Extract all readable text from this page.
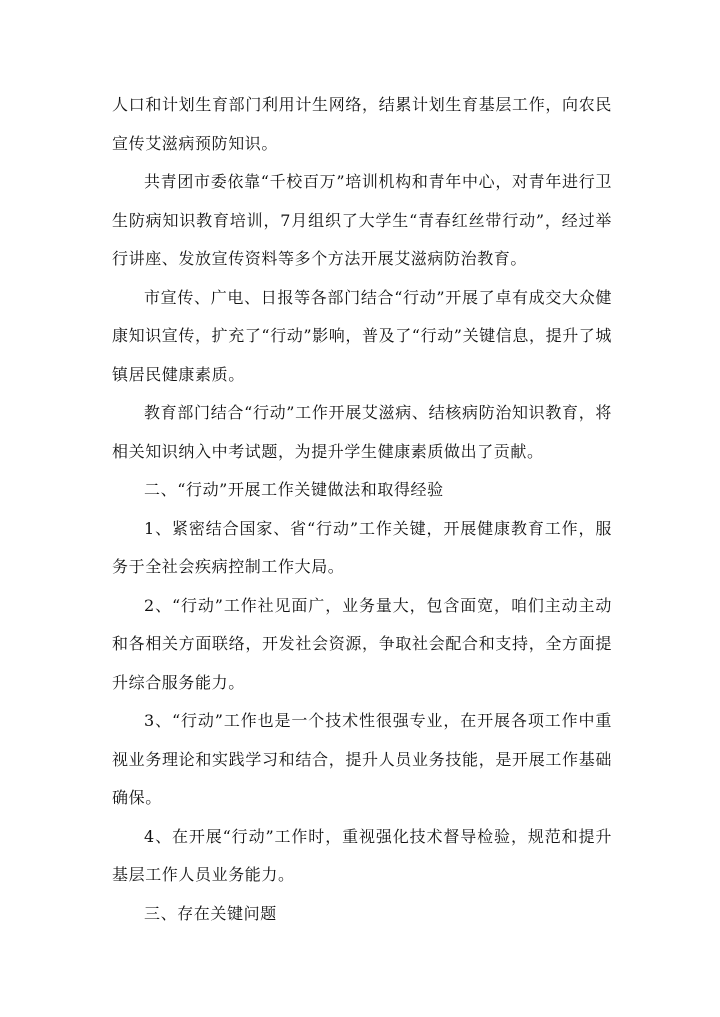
人口和计划生育部门利用计生网络，结累计划生育基层工作，向农民宣传艾滋病预防知识。

共青团市委依靠“千校百万”培训机构和青年中心，对青年进行卫生防病知识教育培训，7月组织了大学生“青春红丝带行动”，经过举行讲座、发放宣传资料等多个方法开展艾滋病防治教育。

市宣传、广电、日报等各部门结合“行动”开展了卓有成交大众健康知识宣传，扩充了“行动”影响，普及了“行动”关键信息，提升了城镇居民健康素质。

教育部门结合“行动”工作开展艾滋病、结核病防治知识教育，将相关知识纳入中考试题，为提升学生健康素质做出了贡献。

二、“行动”开展工作关键做法和取得经验

1、紧密结合国家、省“行动”工作关键，开展健康教育工作，服务于全社会疾病控制工作大局。

2、“行动”工作社见面广，业务量大，包含面宽，咱们主动主动和各相关方面联络，开发社会资源，争取社会配合和支持，全方面提升综合服务能力。

3、“行动”工作也是一个技术性很强专业，在开展各项工作中重视业务理论和实践学习和结合，提升人员业务技能，是开展工作基础确保。

4、在开展“行动”工作时，重视强化技术督导检验，规范和提升基层工作人员业务能力。

三、存在关键问题
